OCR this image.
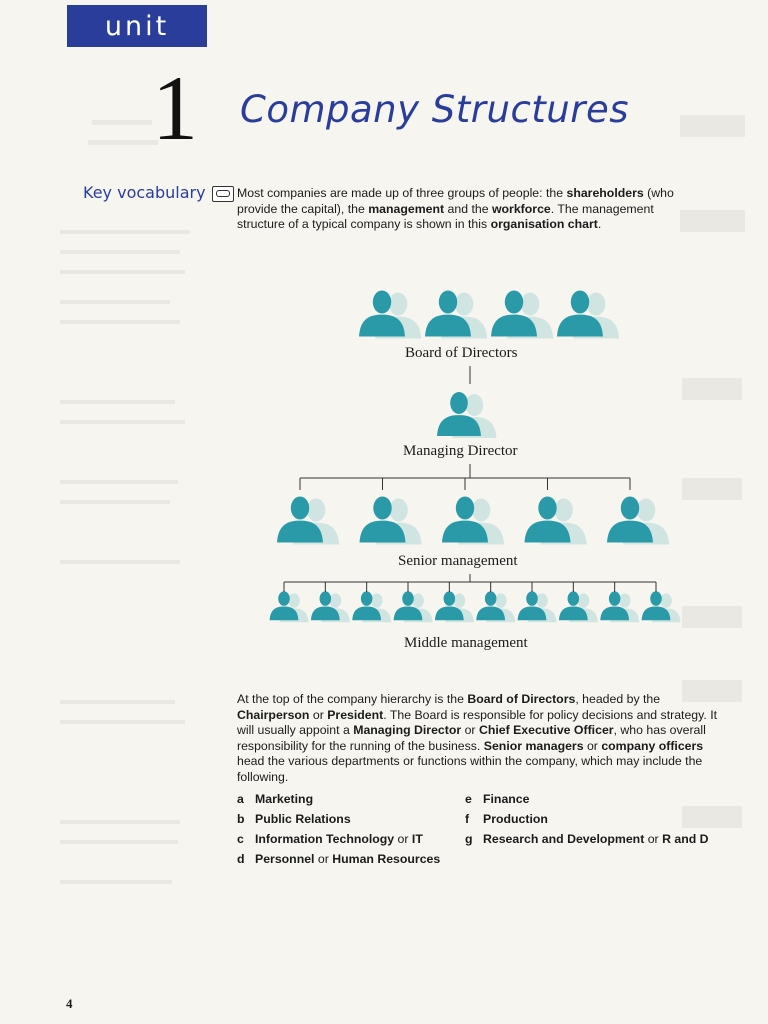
unit
1 Company Structures
Key vocabulary	Most companies are made up of three groups of people: the shareholders (who provide the capital), the management and the workforce. The management structure of a typical company is shown in this organisation chart.
Board of Directors
Managing Director
Senior management
Middle management
At the top of the company hierarchy is the Board of Directors, headed by the Chairperson or President. The Board is responsible for policy decisions and strategy. It will usually appoint a Managing Director or Chief Executive Officer, who has overall responsibility for the running of the business. Senior managers or company officers head the various departments or functions within the company, which may include the following.
a Marketing
b Public Relations
c Information Technology or IT
d Personnel or Human Resources
e Finance
f Production
g Research and Development or R and D
4
